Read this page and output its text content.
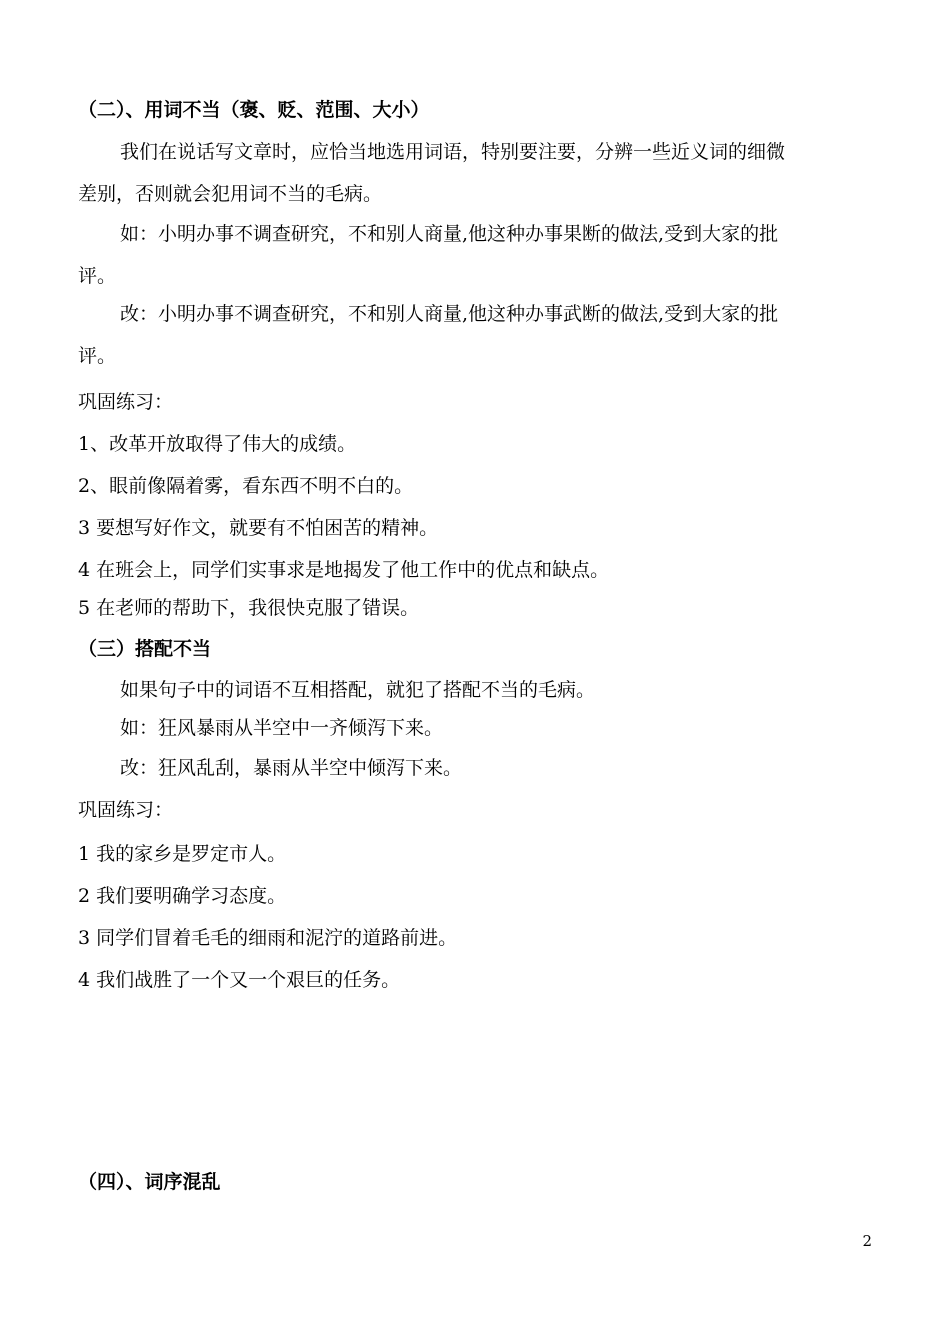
（二）、用词不当（褒、贬、范围、大小）
我们在说话写文章时，应恰当地选用词语，特别要注要，分辨一些近义词的细微
差别，否则就会犯用词不当的毛病。
如：小明办事不调查研究，不和别人商量,他这种办事果断的做法,受到大家的批
评。
改：小明办事不调查研究，不和别人商量,他这种办事武断的做法,受到大家的批
评。
巩固练习：
1、改革开放取得了伟大的成绩。
2、眼前像隔着雾，看东西不明不白的。
3 要想写好作文，就要有不怕困苦的精神。
4 在班会上，同学们实事求是地揭发了他工作中的优点和缺点。
5 在老师的帮助下，我很快克服了错误。
（三）搭配不当
如果句子中的词语不互相搭配，就犯了搭配不当的毛病。
如：狂风暴雨从半空中一齐倾泻下来。
改：狂风乱刮，暴雨从半空中倾泻下来。
巩固练习：
1 我的家乡是罗定市人。
2 我们要明确学习态度。
3 同学们冒着毛毛的细雨和泥泞的道路前进。
4 我们战胜了一个又一个艰巨的任务。
（四）、词序混乱
2
